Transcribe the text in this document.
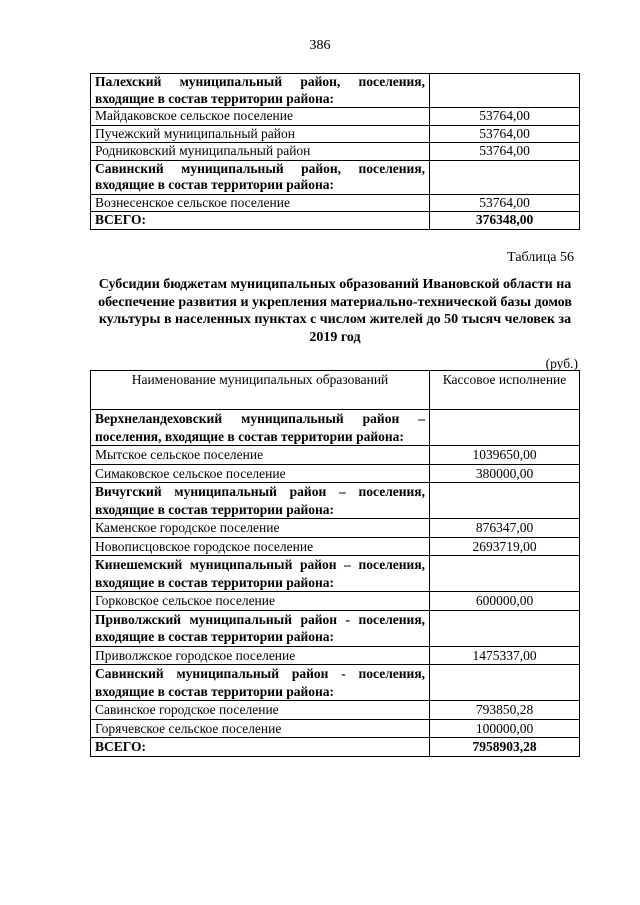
386
Палехский муниципальный район, поселения, входящие в состав территории района:	
Майдаковское сельское поселение	53764,00
Пучежский муниципальный район	53764,00
Родниковский муниципальный район	53764,00
Савинский муниципальный район, поселения, входящие в состав территории района:	
Вознесенское сельское поселение	53764,00
ВСЕГО:	376348,00
Таблица 56
Субсидии бюджетам муниципальных образований Ивановской области на обеспечение развития и укрепления материально-технической базы домов культуры в населенных пунктах с числом жителей до 50 тысяч человек за 2019 год
(руб.)
Наименование муниципальных образований	Кассовое исполнение
Верхнеландеховский муниципальный район – поселения, входящие в состав территории района:	
Мытское сельское поселение	1039650,00
Симаковское сельское поселение	380000,00
Вичугский муниципальный район – поселения, входящие в состав территории района:	
Каменское городское поселение	876347,00
Новописцовское городское поселение	2693719,00
Кинешемский муниципальный район – поселения, входящие в состав территории района:	
Горковское сельское поселение	600000,00
Приволжский муниципальный район - поселения, входящие в состав территории района:	
Приволжское городское поселение	1475337,00
Савинский муниципальный район - поселения, входящие в состав территории района:	
Савинское городское поселение	793850,28
Горячевское сельское поселение	100000,00
ВСЕГО:	7958903,28
